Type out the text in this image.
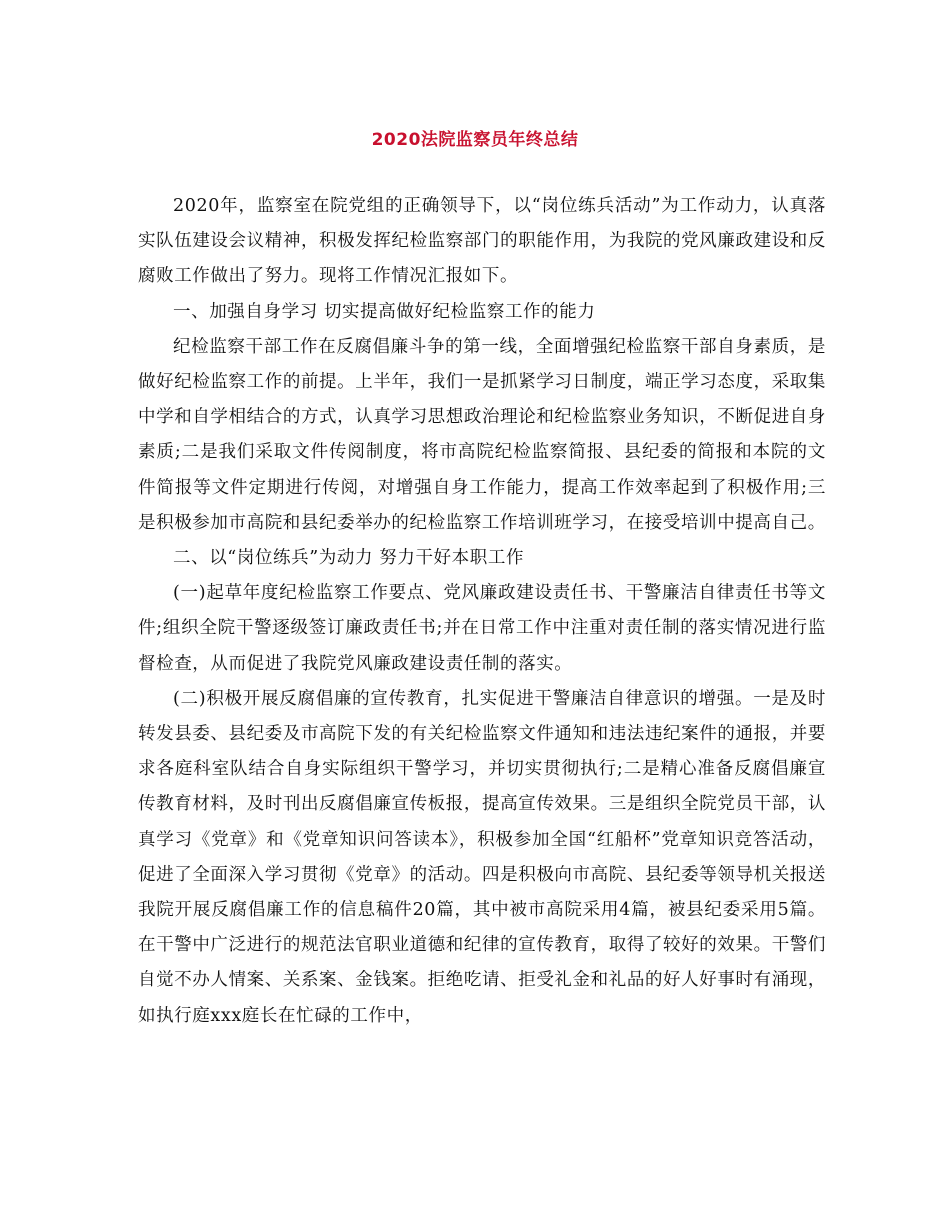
2020法院监察员年终总结

2020年，监察室在院党组的正确领导下，以“岗位练兵活动”为工作动力，认真落实队伍建设会议精神，积极发挥纪检监察部门的职能作用，为我院的党风廉政建设和反腐败工作做出了努力。现将工作情况汇报如下。

一、加强自身学习 切实提高做好纪检监察工作的能力

纪检监察干部工作在反腐倡廉斗争的第一线，全面增强纪检监察干部自身素质，是做好纪检监察工作的前提。上半年，我们一是抓紧学习日制度，端正学习态度，采取集中学和自学相结合的方式，认真学习思想政治理论和纪检监察业务知识，不断促进自身素质;二是我们采取文件传阅制度，将市高院纪检监察简报、县纪委的简报和本院的文件简报等文件定期进行传阅，对增强自身工作能力，提高工作效率起到了积极作用;三是积极参加市高院和县纪委举办的纪检监察工作培训班学习，在接受培训中提高自己。

二、以“岗位练兵”为动力 努力干好本职工作

(一)起草年度纪检监察工作要点、党风廉政建设责任书、干警廉洁自律责任书等文件;组织全院干警逐级签订廉政责任书;并在日常工作中注重对责任制的落实情况进行监督检查，从而促进了我院党风廉政建设责任制的落实。

(二)积极开展反腐倡廉的宣传教育，扎实促进干警廉洁自律意识的增强。一是及时转发县委、县纪委及市高院下发的有关纪检监察文件通知和违法违纪案件的通报，并要求各庭科室队结合自身实际组织干警学习，并切实贯彻执行;二是精心准备反腐倡廉宣传教育材料，及时刊出反腐倡廉宣传板报，提高宣传效果。三是组织全院党员干部，认真学习《党章》和《党章知识问答读本》，积极参加全国“红船杯”党章知识竞答活动，促进了全面深入学习贯彻《党章》的活动。四是积极向市高院、县纪委等领导机关报送我院开展反腐倡廉工作的信息稿件20篇，其中被市高院采用4篇，被县纪委采用5篇。在干警中广泛进行的规范法官职业道德和纪律的宣传教育，取得了较好的效果。干警们自觉不办人情案、关系案、金钱案。拒绝吃请、拒受礼金和礼品的好人好事时有涌现，如执行庭xxx庭长在忙碌的工作中，
